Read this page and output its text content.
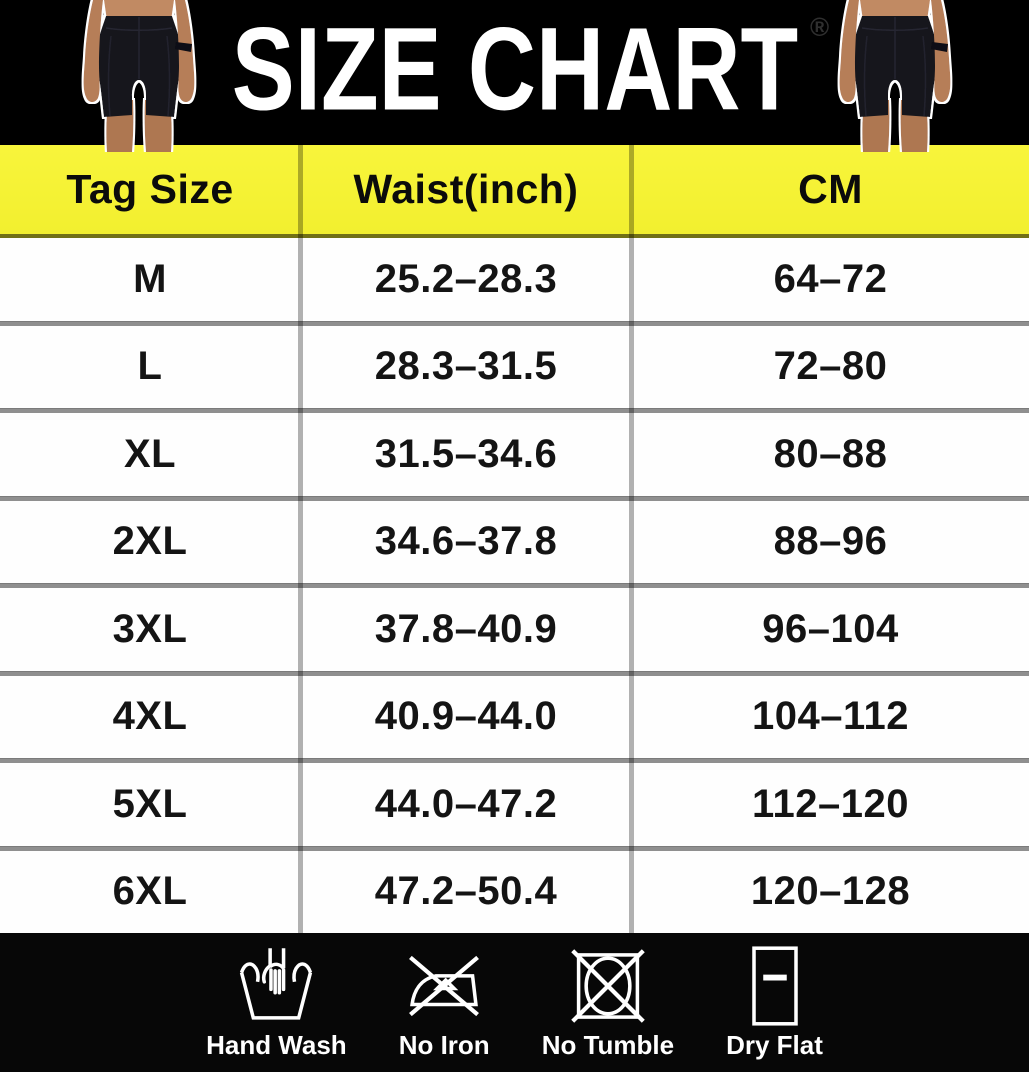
SIZE CHART ®
Tag Size	Waist(inch)	CM
M	25.2–28.3	64–72
L	28.3–31.5	72–80
XL	31.5–34.6	80–88
2XL	34.6–37.8	88–96
3XL	37.8–40.9	96–104
4XL	40.9–44.0	104–112
5XL	44.0–47.2	112–120
6XL	47.2–50.4	120–128
Hand Wash No Iron No Tumble Dry Flat
